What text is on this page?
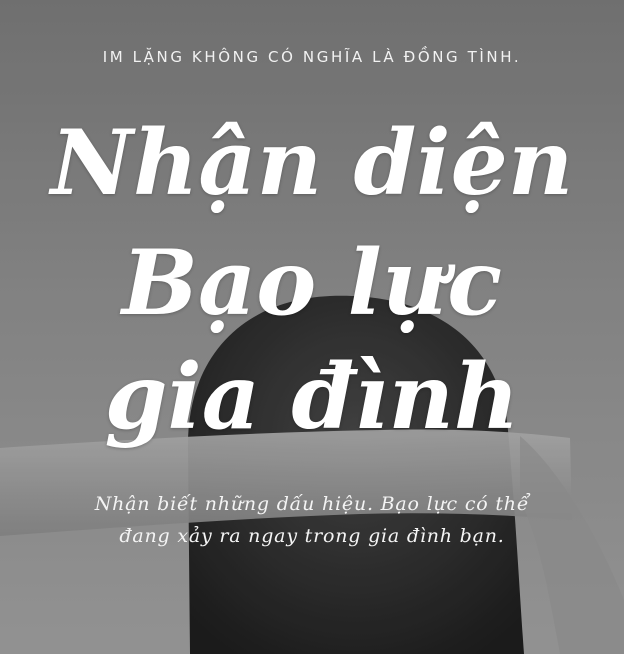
IM LẶNG KHÔNG CÓ NGHĨA LÀ ĐỒNG TÌNH.
Nhận diện
Bạo lực
gia đình
Nhận biết những dấu hiệu. Bạo lực có thể
đang xảy ra ngay trong gia đình bạn.
